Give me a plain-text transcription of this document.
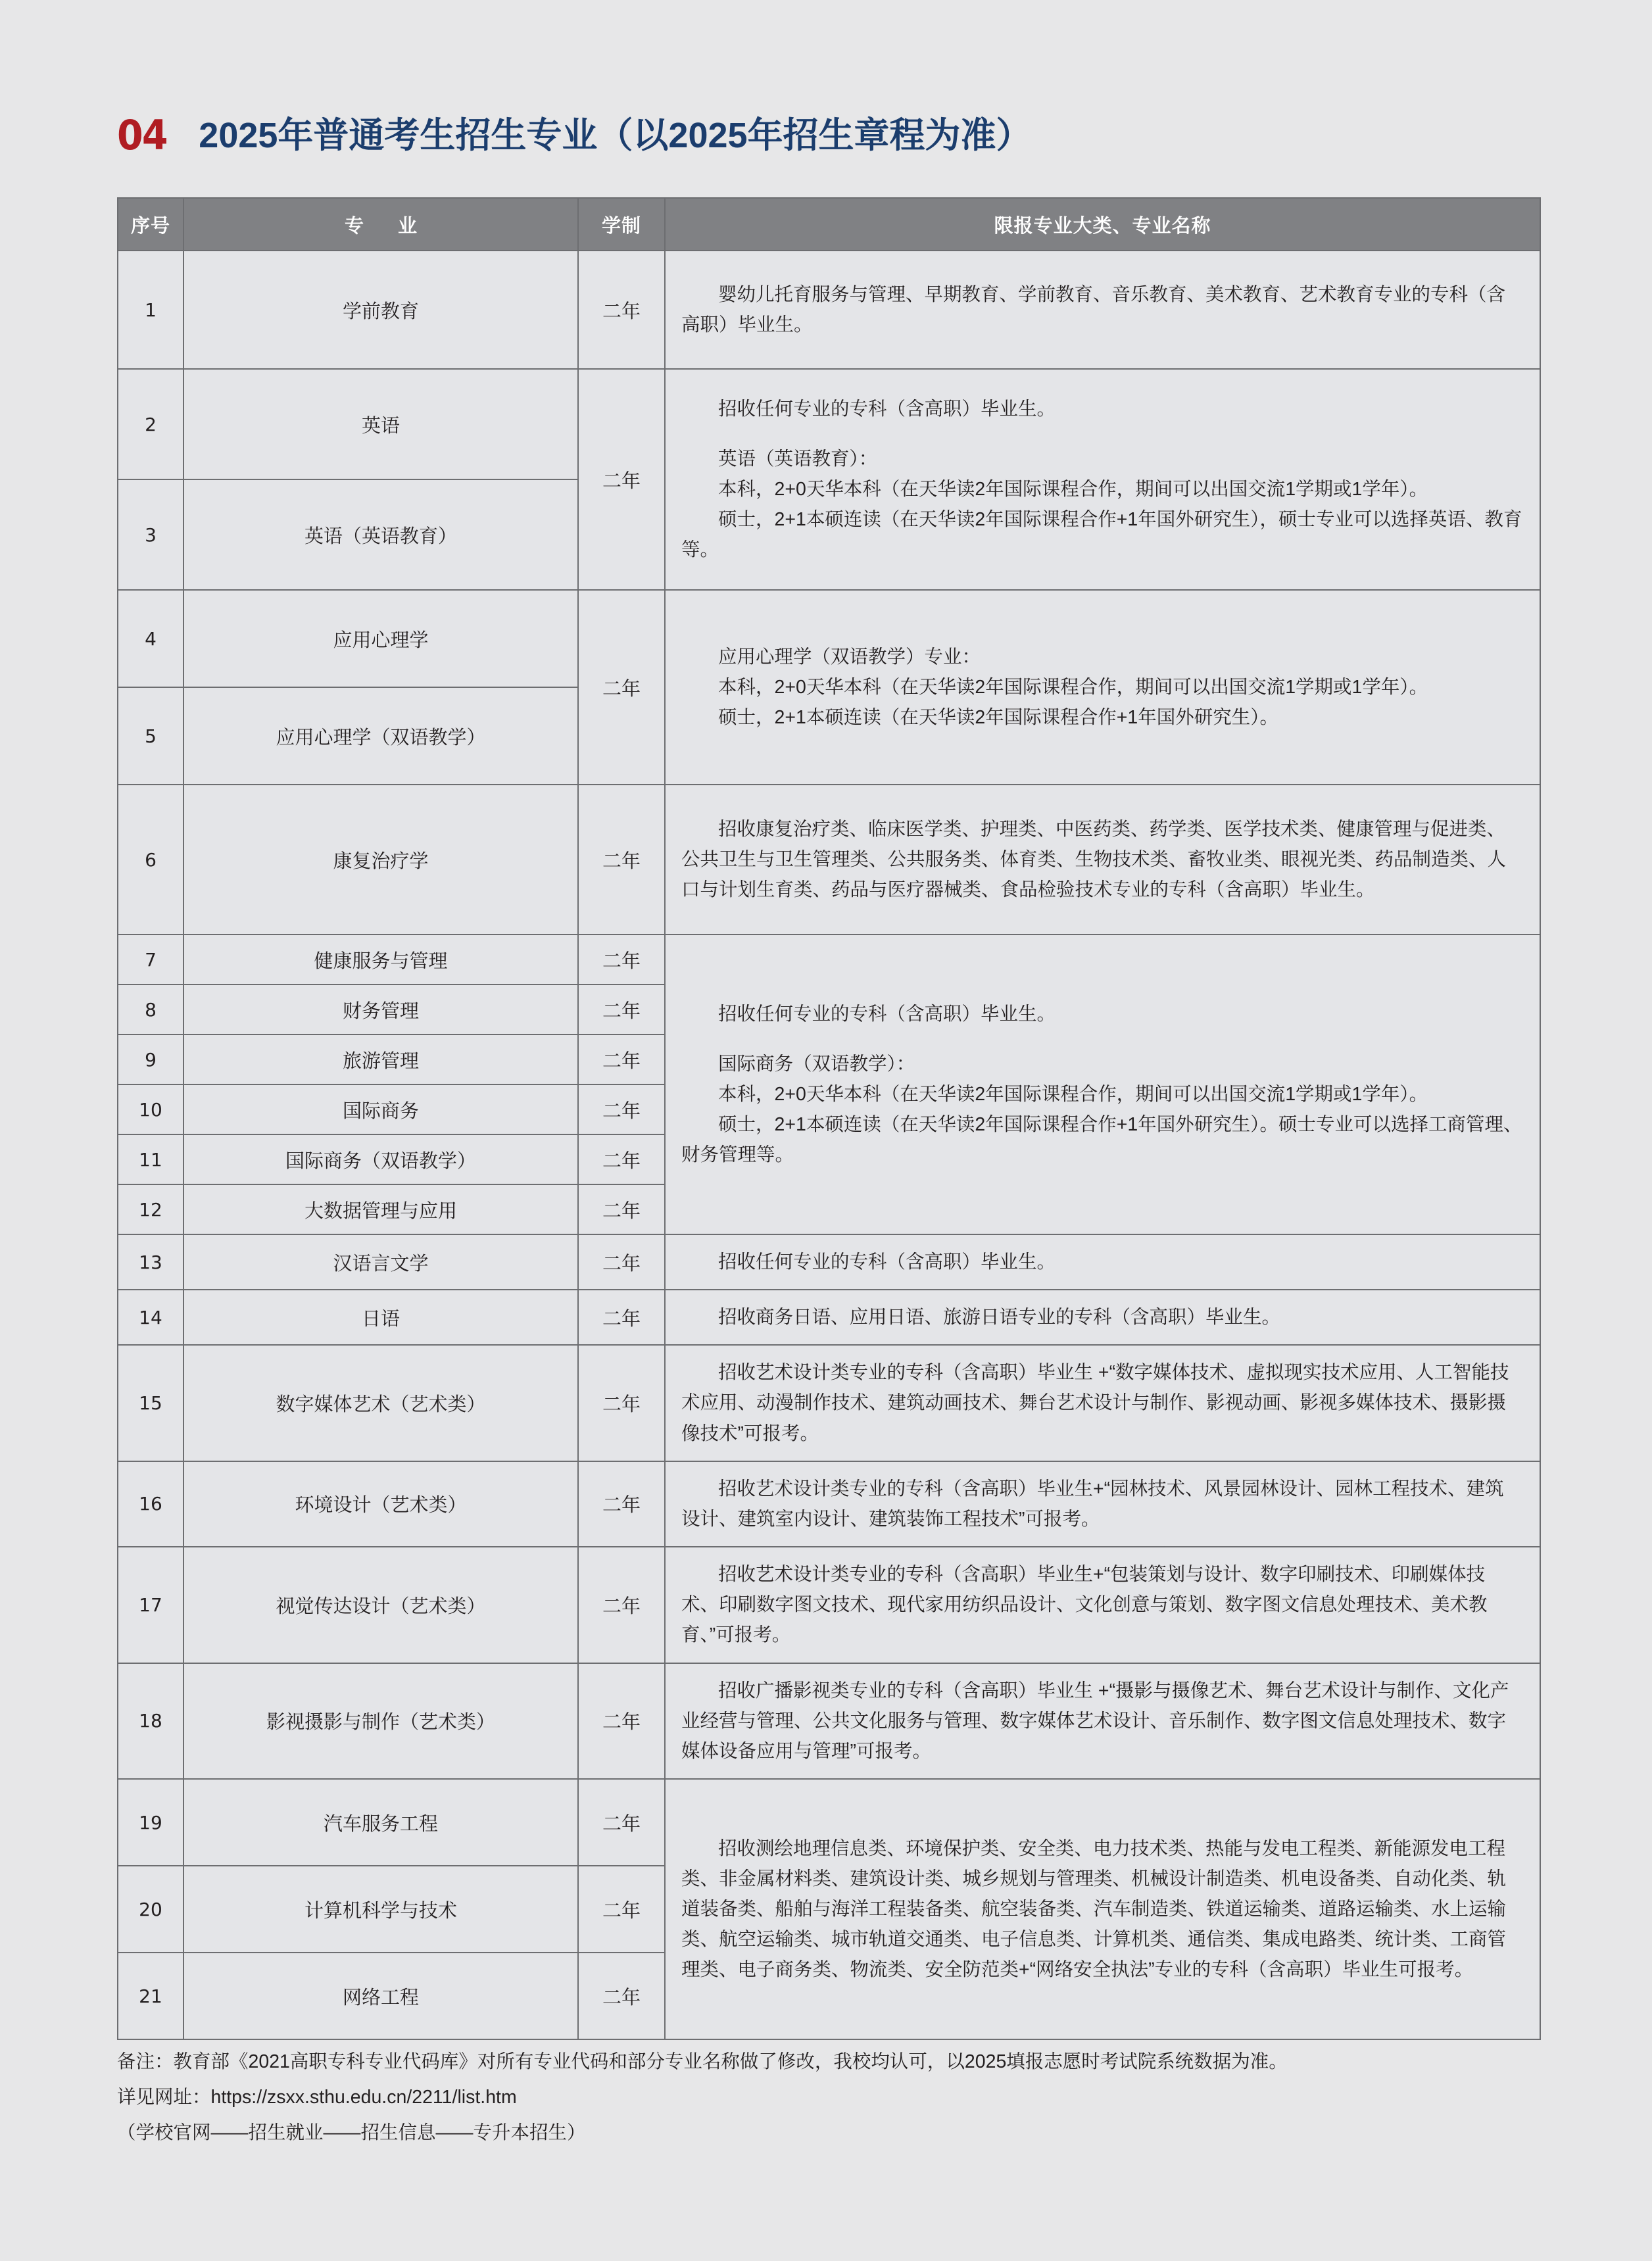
04 2025年普通考生招生专业（以2025年招生章程为准）
序号	专 业	学制	限报专业大类、专业名称
1	学前教育	二年	婴幼儿托育服务与管理、早期教育、学前教育、音乐教育、美术教育、艺术教育专业的专科（含高职）毕业生。

2	英语	二年	招收任何专业的专科（含高职）毕业生。

英语（英语教育）：

本科，2+0天华本科（在天华读2年国际课程合作，期间可以出国交流1学期或1学年）。

硕士，2+1本硕连读（在天华读2年国际课程合作+1年国外研究生），硕士专业可以选择英语、教育等。

3	英语（英语教育）		
4	应用心理学	二年	应用心理学（双语教学）专业：

本科，2+0天华本科（在天华读2年国际课程合作，期间可以出国交流1学期或1学年）。

硕士，2+1本硕连读（在天华读2年国际课程合作+1年国外研究生）。

5	应用心理学（双语教学）		
6	康复治疗学	二年	招收康复治疗类、临床医学类、护理类、中医药类、药学类、医学技术类、健康管理与促进类、公共卫生与卫生管理类、公共服务类、体育类、生物技术类、畜牧业类、眼视光类、药品制造类、人口与计划生育类、药品与医疗器械类、食品检验技术专业的专科（含高职）毕业生。

7	健康服务与管理	二年	招收任何专业的专科（含高职）毕业生。

国际商务（双语教学）：

本科，2+0天华本科（在天华读2年国际课程合作，期间可以出国交流1学期或1学年）。

硕士，2+1本硕连读（在天华读2年国际课程合作+1年国外研究生）。硕士专业可以选择工商管理、财务管理等。

8	财务管理	二年	
9	旅游管理	二年	
10	国际商务	二年	
11	国际商务（双语教学）	二年	
12	大数据管理与应用	二年	
13	汉语言文学	二年	招收任何专业的专科（含高职）毕业生。

14	日语	二年	招收商务日语、应用日语、旅游日语专业的专科（含高职）毕业生。

15	数字媒体艺术（艺术类）	二年	招收艺术设计类专业的专科（含高职）毕业生 +“数字媒体技术、虚拟现实技术应用、人工智能技术应用、动漫制作技术、建筑动画技术、舞台艺术设计与制作、影视动画、影视多媒体技术、摄影摄像技术”可报考。

16	环境设计（艺术类）	二年	招收艺术设计类专业的专科（含高职）毕业生+“园林技术、风景园林设计、园林工程技术、建筑设计、建筑室内设计、建筑装饰工程技术”可报考。

17	视觉传达设计（艺术类）	二年	招收艺术设计类专业的专科（含高职）毕业生+“包装策划与设计、数字印刷技术、印刷媒体技术、印刷数字图文技术、现代家用纺织品设计、文化创意与策划、数字图文信息处理技术、美术教育、”可报考。

18	影视摄影与制作（艺术类）	二年	招收广播影视类专业的专科（含高职）毕业生 +“摄影与摄像艺术、舞台艺术设计与制作、文化产业经营与管理、公共文化服务与管理、数字媒体艺术设计、音乐制作、数字图文信息处理技术、数字媒体设备应用与管理”可报考。

19	汽车服务工程	二年	招收测绘地理信息类、环境保护类、安全类、电力技术类、热能与发电工程类、新能源发电工程类、非金属材料类、建筑设计类、城乡规划与管理类、机械设计制造类、机电设备类、自动化类、轨道装备类、船舶与海洋工程装备类、航空装备类、汽车制造类、铁道运输类、道路运输类、水上运输类、航空运输类、城市轨道交通类、电子信息类、计算机类、通信类、集成电路类、统计类、工商管理类、电子商务类、物流类、安全防范类+“网络安全执法”专业的专科（含高职）毕业生可报考。

20	计算机科学与技术	二年	
21	网络工程	二年	
备注：教育部《2021高职专科专业代码库》对所有专业代码和部分专业名称做了修改，我校均认可，以2025填报志愿时考试院系统数据为准。
详见网址：https://zsxx.sthu.edu.cn/2211/list.htm
（学校官网——招生就业——招生信息——专升本招生）
